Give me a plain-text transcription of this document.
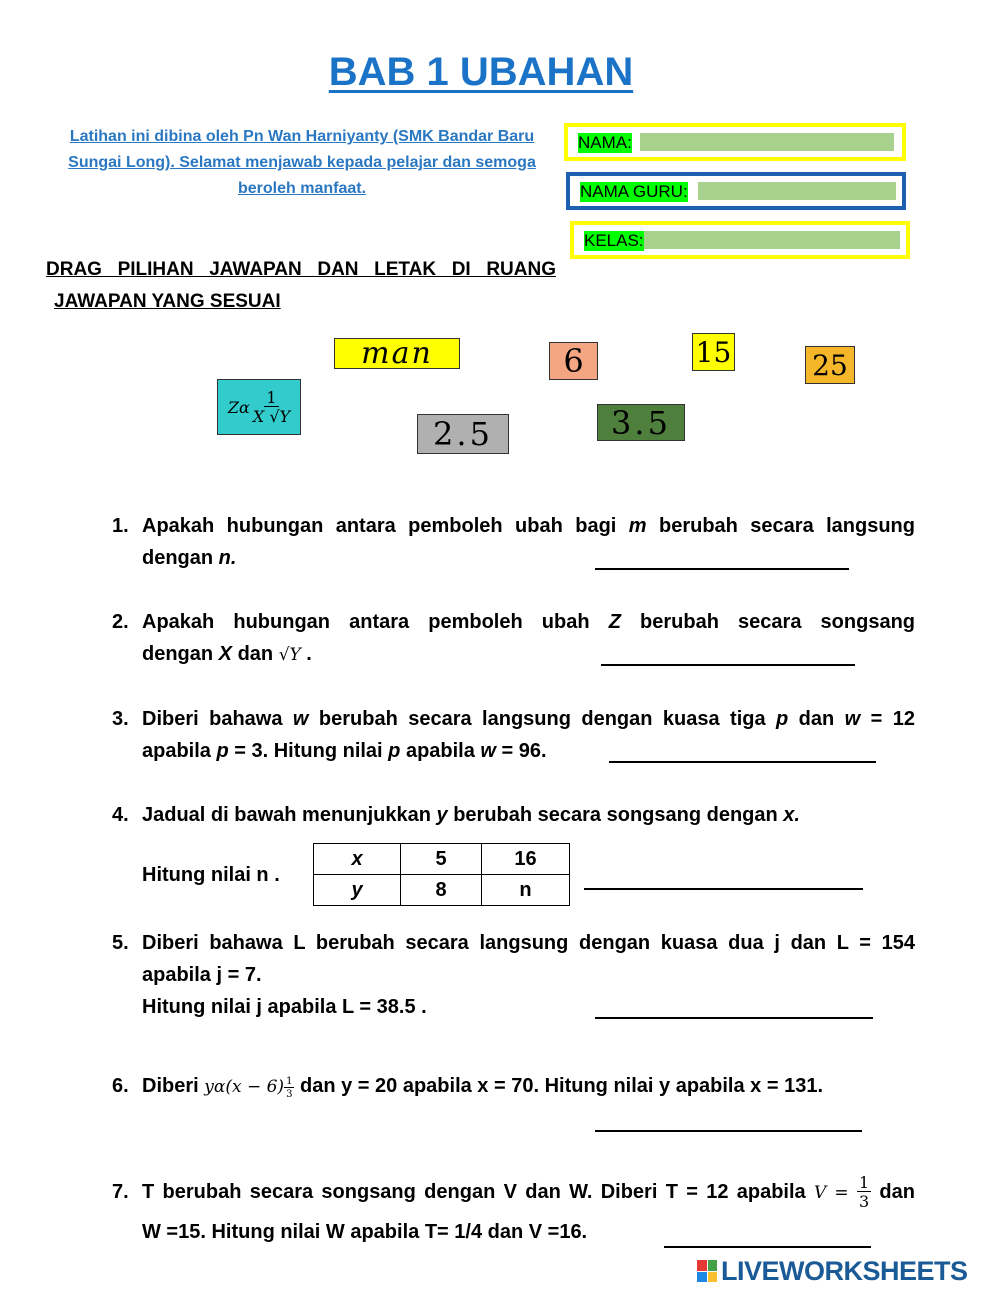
BAB 1 UBAHAN
Latihan ini dibina oleh Pn Wan Harniyanty (SMK Bandar Baru Sungai Long). Selamat menjawab kepada pelajar dan semoga beroleh manfaat.
NAMA:
NAMA GURU:
KELAS:
DRAG PILIHAN JAWAPAN DAN LETAK DI RUANG
JAWAPAN YANG SESUAI
man	6	15	25
Zα $\frac{1}{X √Y}$
2.5	3.5
1. Apakah hubungan antara pemboleh ubah bagi m berubah secara langsung
dengan n.
2. Apakah hubungan antara pemboleh ubah Z berubah secara songsang
dengan X dan √Y .
3. Diberi bahawa w berubah secara langsung dengan kuasa tiga p dan w = 12
apabila p = 3. Hitung nilai p apabila w = 96.
4. Jadual di bawah menunjukkan y berubah secara songsang dengan x.
Hitung nilai n .
x	5	16
y	8	n
5. Diberi bahawa L berubah secara langsung dengan kuasa dua j dan L = 154
apabila j = 7.
Hitung nilai j apabila L = 38.5 .
6. Diberi $y\alpha(x - 6) \frac{1}{3}$ dan y = 20 apabila x = 70. Hitung nilai y apabila x = 131.
7. T berubah secara songsang dengan V dan W. Diberi T = 12 apabila $V = \frac{1}{3}$ dan
W =15. Hitung nilai W apabila T= 1/4 dan V =16.
LIVEWORKSHEETS
